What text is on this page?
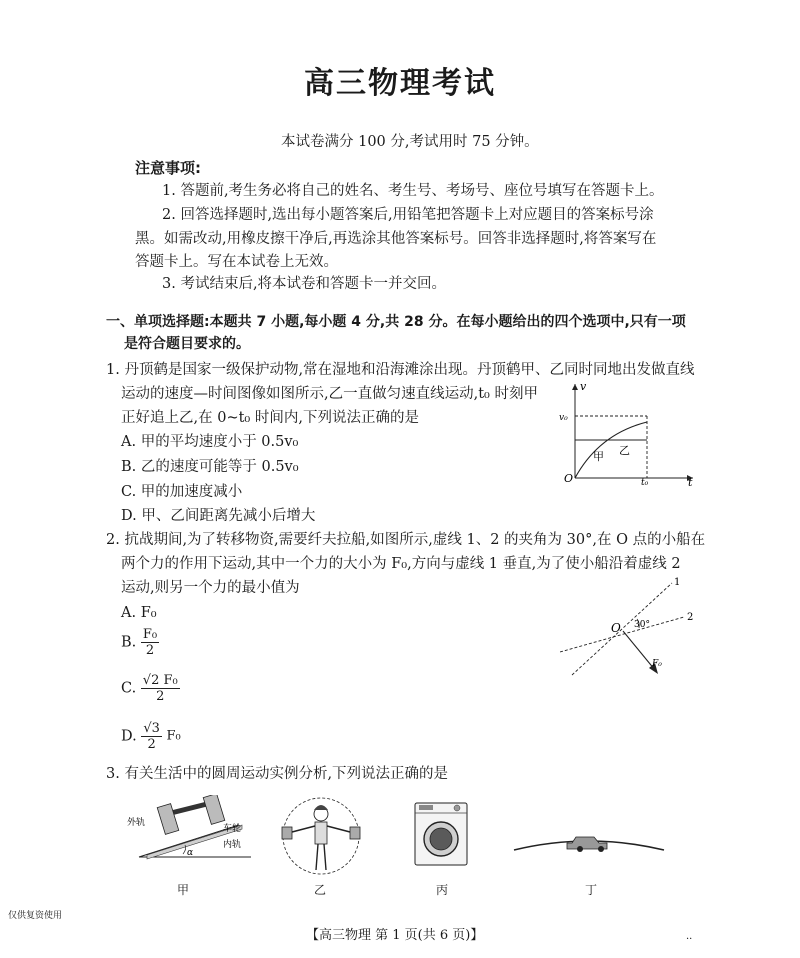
高三物理考试
本试卷满分 100 分,考试用时 75 分钟。
注意事项:
1. 答题前,考生务必将自己的姓名、考生号、考场号、座位号填写在答题卡上。
2. 回答选择题时,选出每小题答案后,用铅笔把答题卡上对应题目的答案标号涂
黑。如需改动,用橡皮擦干净后,再选涂其他答案标号。回答非选择题时,将答案写在
答题卡上。写在本试卷上无效。
3. 考试结束后,将本试卷和答题卡一并交回。
一、单项选择题:本题共 7 小题,每小题 4 分,共 28 分。在每小题给出的四个选项中,只有一项
是符合题目要求的。
1. 丹顶鹤是国家一级保护动物,常在湿地和沿海滩涂出现。丹顶鹤甲、乙同时同地出发做直线
运动的速度—时间图像如图所示,乙一直做匀速直线运动,t₀ 时刻甲
正好追上乙,在 0~t₀ 时间内,下列说法正确的是
A. 甲的平均速度小于 0.5v₀
B. 乙的速度可能等于 0.5v₀
C. 甲的加速度减小
D. 甲、乙间距离先减小后增大
v
t
O
v₀
t₀
甲 乙
2. 抗战期间,为了转移物资,需要纤夫拉船,如图所示,虚线 1、2 的夹角为 30°,在 O 点的小船在
两个力的作用下运动,其中一个力的大小为 F₀,方向与虚线 1 垂直,为了使小船沿着虚线 2
运动,则另一个力的最小值为
A. F₀
B. $\frac{\text{F₀}}{2}$
C. $\frac{\text{√2 F₀}}{2}$
D. $\frac{√3}{2} F_0$
1
2
30°
O
F₀
3. 有关生活中的圆周运动实例分析,下列说法正确的是
外轨
车轮
内轨
α
甲	乙	丙	丁
仅供复资使用
【高三物理 第 1 页(共 6 页)】	··
